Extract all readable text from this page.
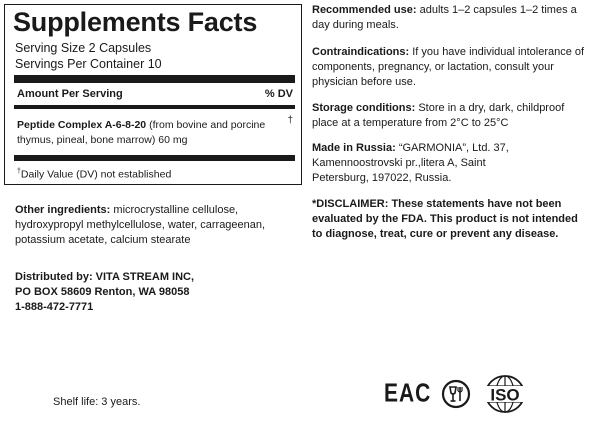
Supplements Facts
Serving Size 2 Capsules
Servings Per Container 10
Amount Per Serving	% DV
Peptide Complex A-6-8-20 (from bovine and porcine thymus, pineal, bone marrow) 60 mg
†
†Daily Value (DV) not established
Other ingredients: microcrystalline cellulose, hydroxypropyl methylcellulose, water, carrageenan, potassium acetate, calcium stearate
Distributed by: VITA STREAM INC,
PO BOX 58609 Renton, WA 98058
1-888-472-7771
Shelf life: 3 years.
Recommended use: adults 1–2 capsules 1–2 times a day during meals.
Contraindications: If you have individual intolerance of components, pregnancy, or lactation, consult your physician before use.
Storage conditions: Store in a dry, dark, childproof place at a temperature from 2°C to 25°C
Made in Russia: “GARMONIA”, Ltd. 37, Kamennoostrovski pr.,litera A, Saint Petersburg, 197022, Russia.
*DISCLAIMER: These statements have not been evaluated by the FDA. This product is not intended to diagnose, treat, cure or prevent any disease.
EAC	ISO
